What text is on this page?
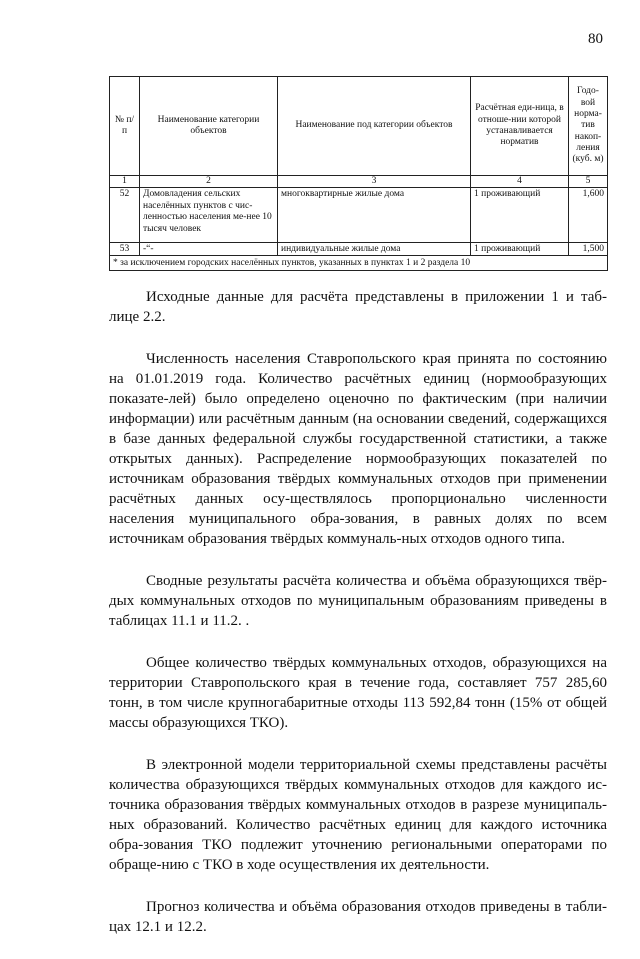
80
№ п/п	Наименование категории объектов	Наименование под категории объектов	Расчётная еди-ница, в отноше-нии которой устанавливается норматив	Годо-вой норма-тив накоп-ления (куб. м)
1	2	3	4	5
52	Домовладения сельских населённых пунктов с чис-ленностью населения ме-нее 10 тысяч человек	многоквартирные жилые дома	1 проживающий	1,600
53	-“-	индивидуальные жилые дома	1 проживающий	1,500
* за исключением городских населённых пунктов, указанных в пунктах 1 и 2 раздела 10				

Исходные данные для расчёта представлены в приложении 1 и таб-лице 2.2.

Численность населения Ставропольского края принята по состоянию на 01.01.2019 года. Количество расчётных единиц (нормообразующих показате-лей) было определено оценочно по фактическим (при наличии информации) или расчётным данным (на основании сведений, содержащихся в базе данных федеральной службы государственной статистики, а также открытых данных). Распределение нормообразующих показателей по источникам образования твёрдых коммунальных отходов при применении расчётных данных осу-ществлялось пропорционально численности населения муниципального обра-зования, в равных долях по всем источникам образования твёрдых коммуналь-ных отходов одного типа.

Сводные результаты расчёта количества и объёма образующихся твёр-дых коммунальных отходов по муниципальным образованиям приведены в таблицах 11.1 и 11.2. .

Общее количество твёрдых коммунальных отходов, образующихся на территории Ставропольского края в течение года, составляет 757 285,60 тонн, в том числе крупногабаритные отходы 113 592,84 тонн (15% от общей массы образующихся ТКО).

В электронной модели территориальной схемы представлены расчёты количества образующихся твёрдых коммунальных отходов для каждого ис-точника образования твёрдых коммунальных отходов в разрезе муниципаль-ных образований. Количество расчётных единиц для каждого источника обра-зования ТКО подлежит уточнению региональными операторами по обраще-нию с ТКО в ходе осуществления их деятельности.

Прогноз количества и объёма образования отходов приведены в табли-цах 12.1 и 12.2.
